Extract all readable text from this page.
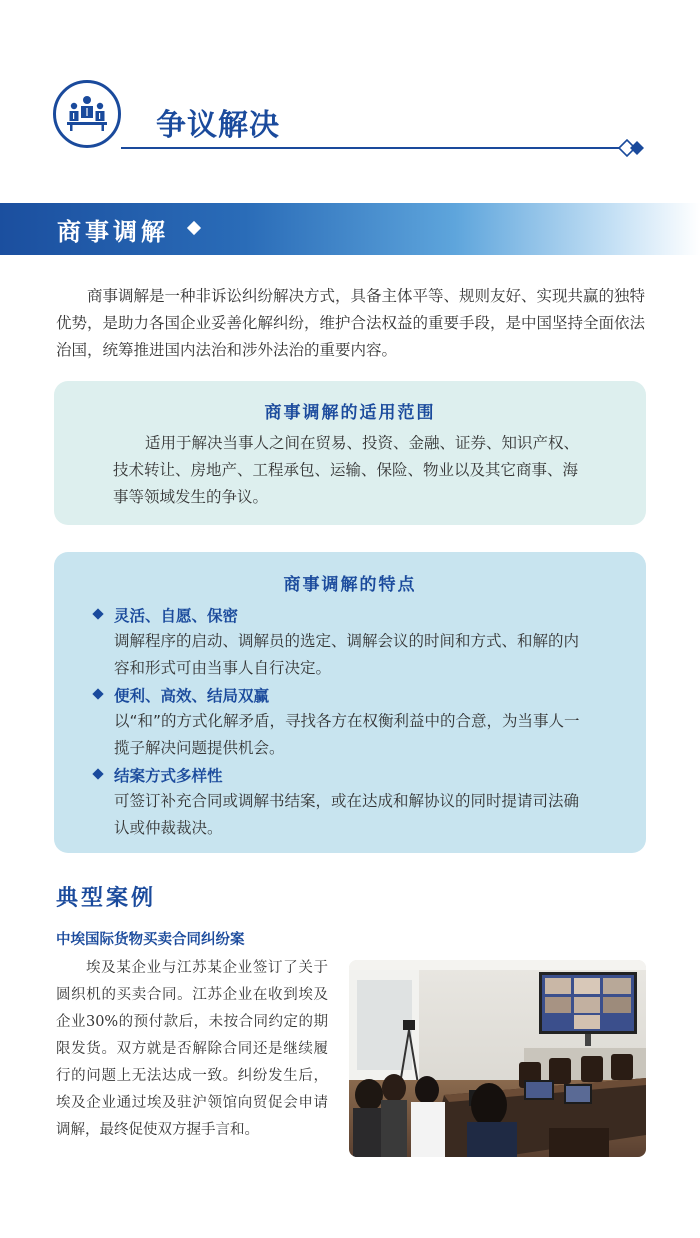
争议解决
商事调解
商事调解是一种非诉讼纠纷解决方式，具备主体平等、规则友好、实现共赢的独特优势，是助力各国企业妥善化解纠纷，维护合法权益的重要手段，是中国坚持全面依法治国，统筹推进国内法治和涉外法治的重要内容。
商事调解的适用范围
适用于解决当事人之间在贸易、投资、金融、证券、知识产权、技术转让、房地产、工程承包、运输、保险、物业以及其它商事、海事等领域发生的争议。
商事调解的特点
灵活、自愿、保密
调解程序的启动、调解员的选定、调解会议的时间和方式、和解的内容和形式可由当事人自行决定。
便利、高效、结局双赢
以“和”的方式化解矛盾，寻找各方在权衡利益中的合意，为当事人一揽子解决问题提供机会。
结案方式多样性
可签订补充合同或调解书结案，或在达成和解协议的同时提请司法确认或仲裁裁决。
典型案例
中埃国际货物买卖合同纠纷案
埃及某企业与江苏某企业签订了关于圆织机的买卖合同。江苏企业在收到埃及企业30%的预付款后，未按合同约定的期限发货。双方就是否解除合同还是继续履行的问题上无法达成一致。纠纷发生后，埃及企业通过埃及驻沪领馆向贸促会申请调解，最终促使双方握手言和。
